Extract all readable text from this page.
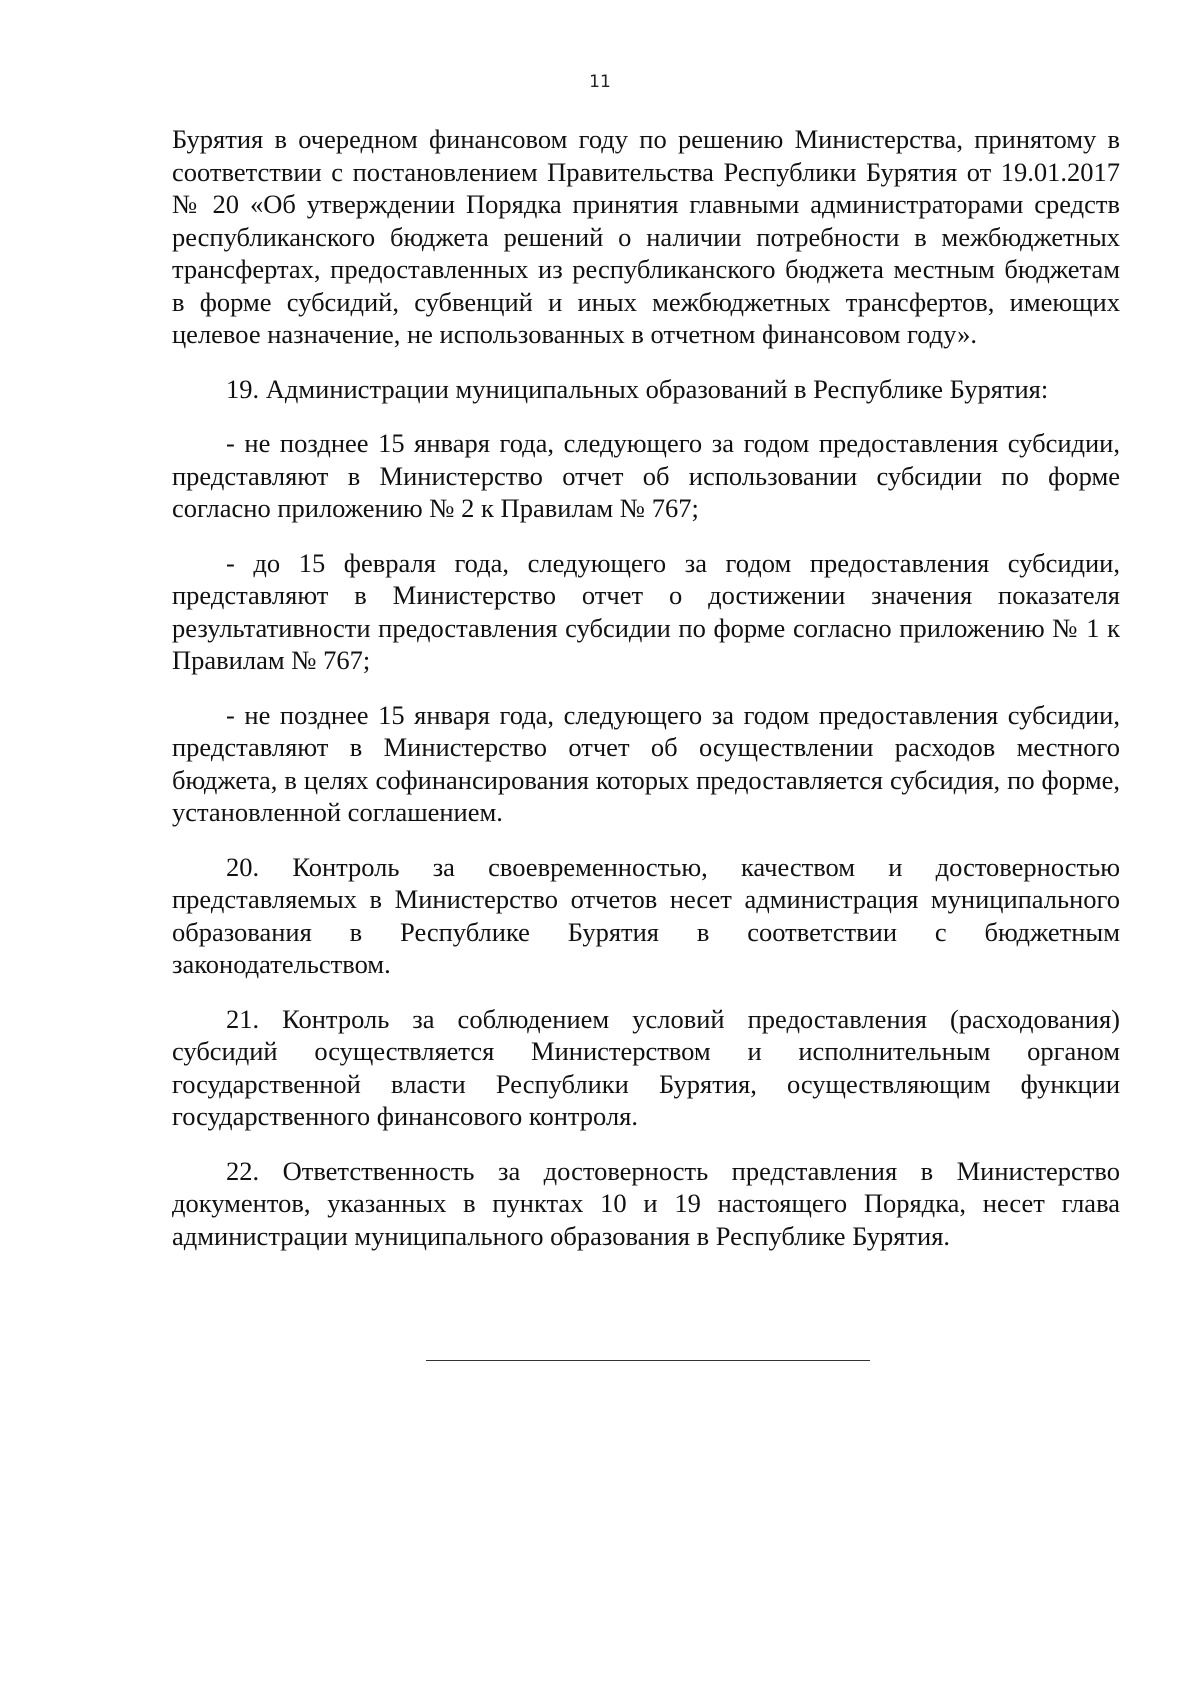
11

Бурятия в очередном финансовом году по решению Министерства, принятому в соответствии с постановлением Правительства Республики Бурятия от 19.01.2017 № 20 «Об утверждении Порядка принятия главными администраторами средств республиканского бюджета решений о наличии потребности в межбюджетных трансфертах, предоставленных из республиканского бюджета местным бюджетам в форме субсидий, субвенций и иных межбюджетных трансфертов, имеющих целевое назначение, не использованных в отчетном финансовом году».

19. Администрации муниципальных образований в Республике Бурятия:

- не позднее 15 января года, следующего за годом предоставления субсидии, представляют в Министерство отчет об использовании субсидии по форме согласно приложению № 2 к Правилам № 767;

- до 15 февраля года, следующего за годом предоставления субсидии, представляют в Министерство отчет о достижении значения показателя результативности предоставления субсидии по форме согласно приложению № 1 к Правилам № 767;

- не позднее 15 января года, следующего за годом предоставления субсидии, представляют в Министерство отчет об осуществлении расходов местного бюджета, в целях софинансирования которых предоставляется субсидия, по форме, установленной соглашением.

20. Контроль за своевременностью, качеством и достоверностью представляемых в Министерство отчетов несет администрация муниципального образования в Республике Бурятия в соответствии с бюджетным законодательством.

21. Контроль за соблюдением условий предоставления (расходования) субсидий осуществляется Министерством и исполнительным органом государственной власти Республики Бурятия, осуществляющим функции государственного финансового контроля.

22. Ответственность за достоверность представления в Министерство документов, указанных в пунктах 10 и 19 настоящего Порядка, несет глава администрации муниципального образования в Республике Бурятия.
